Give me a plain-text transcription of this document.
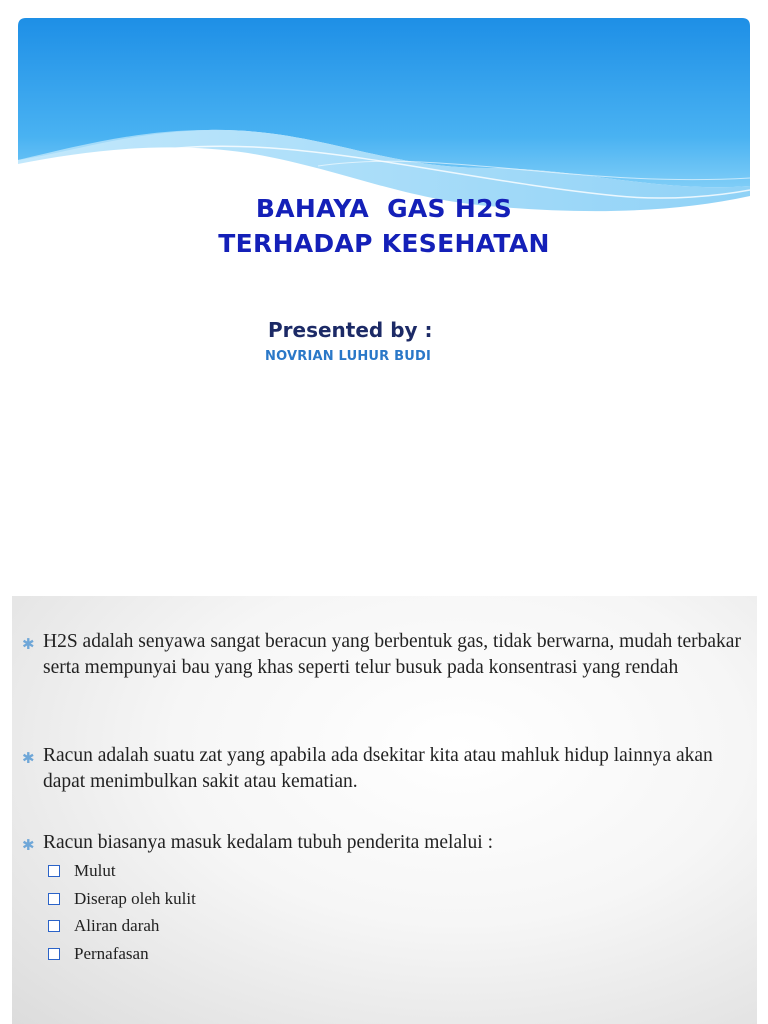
BAHAYA  GAS H2S
TERHADAP KESEHATAN
Presented by :
NOVRIAN LUHUR BUDI
✱ H2S adalah senyawa sangat beracun yang berbentuk gas, tidak berwarna, mudah terbakar serta mempunyai bau yang khas seperti telur busuk pada konsentrasi yang rendah
✱ Racun adalah suatu zat yang apabila ada dsekitar kita atau mahluk hidup lainnya akan dapat menimbulkan sakit atau kematian.
✱ Racun biasanya masuk kedalam tubuh penderita melalui :
Mulut
Diserap oleh kulit
Aliran darah
Pernafasan
